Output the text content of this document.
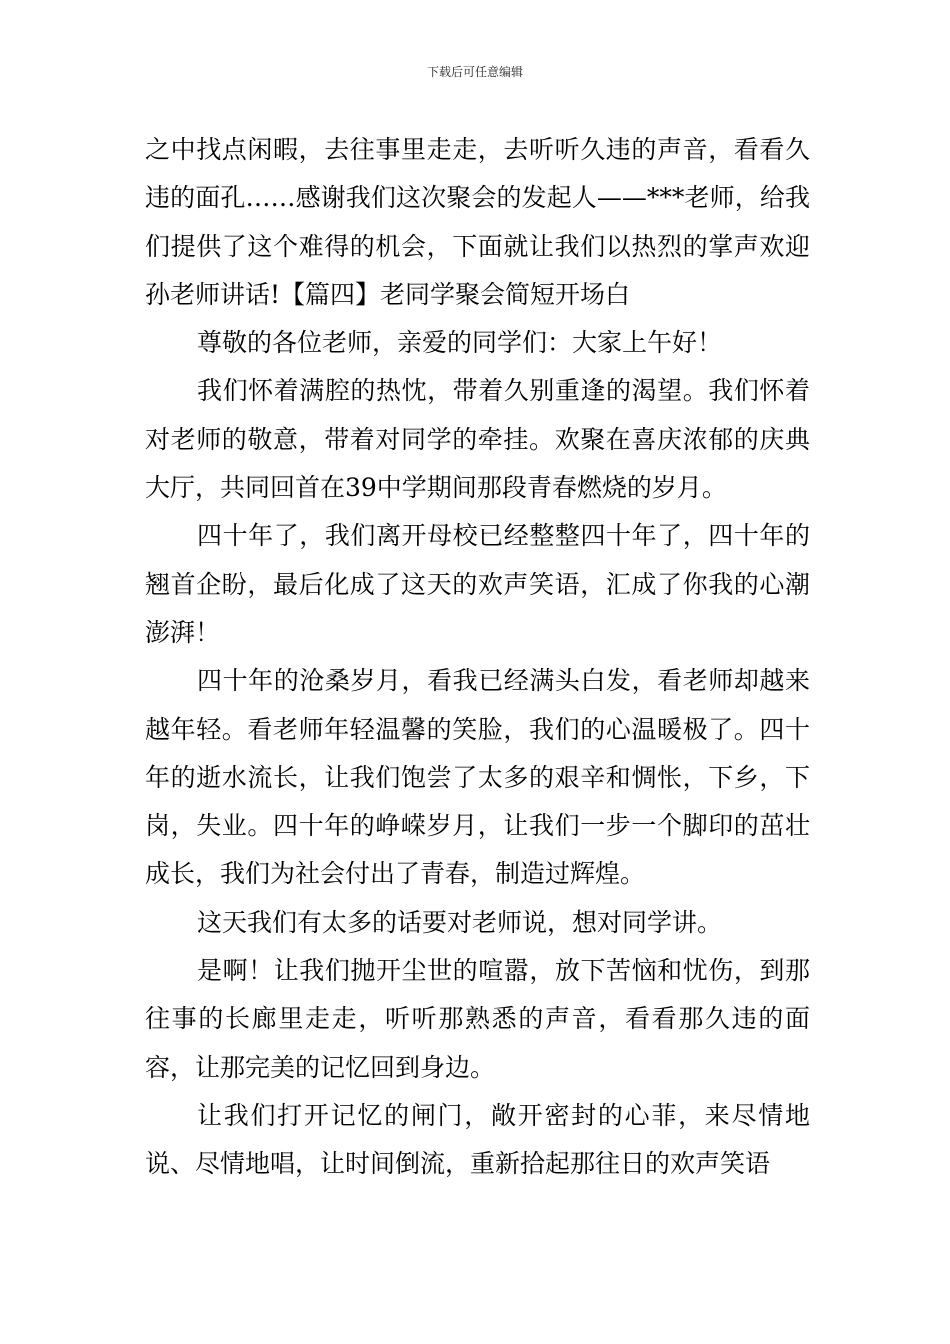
下载后可任意编辑

之中找点闲暇，去往事里走走，去听听久违的声音，看看久违的面孔……感谢我们这次聚会的发起人——***老师，给我们提供了这个难得的机会，下面就让我们以热烈的掌声欢迎孙老师讲话!【篇四】老同学聚会简短开场白

尊敬的各位老师，亲爱的同学们：大家上午好！

我们怀着满腔的热忱，带着久别重逢的渴望。我们怀着对老师的敬意，带着对同学的牵挂。欢聚在喜庆浓郁的庆典大厅，共同回首在39中学期间那段青春燃烧的岁月。

四十年了，我们离开母校已经整整四十年了，四十年的翘首企盼，最后化成了这天的欢声笑语，汇成了你我的心潮澎湃！

四十年的沧桑岁月，看我已经满头白发，看老师却越来越年轻。看老师年轻温馨的笑脸，我们的心温暖极了。四十年的逝水流长，让我们饱尝了太多的艰辛和惆怅，下乡，下岗，失业。四十年的峥嵘岁月，让我们一步一个脚印的茁壮成长，我们为社会付出了青春，制造过辉煌。

这天我们有太多的话要对老师说，想对同学讲。

是啊！让我们抛开尘世的喧嚣，放下苦恼和忧伤，到那往事的长廊里走走，听听那熟悉的声音，看看那久违的面容，让那完美的记忆回到身边。

让我们打开记忆的闸门，敞开密封的心菲，来尽情地说、尽情地唱，让时间倒流，重新拾起那往日的欢声笑语
